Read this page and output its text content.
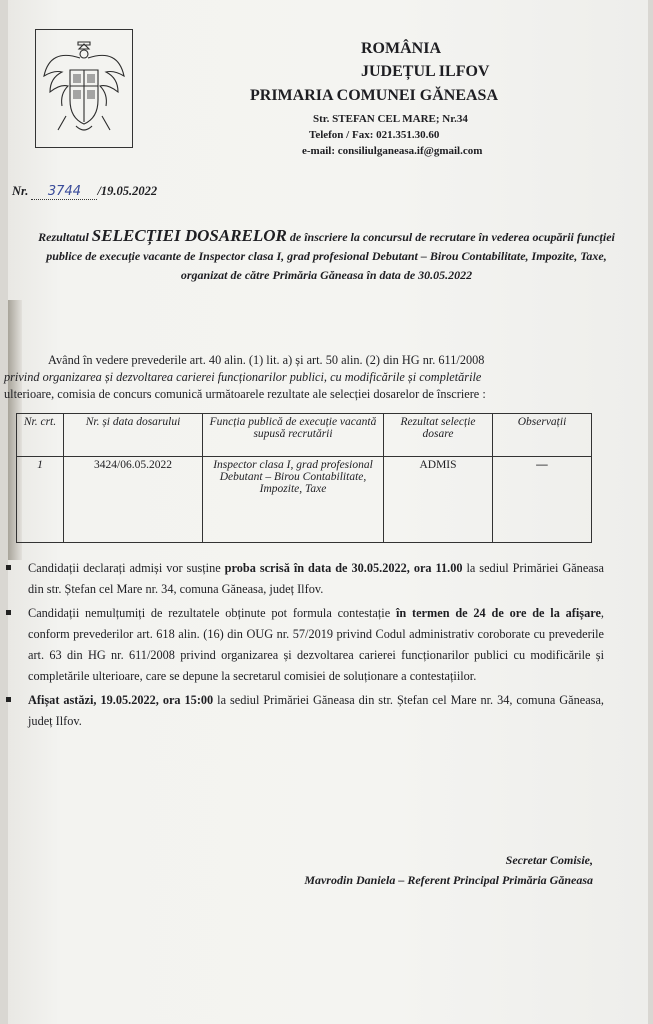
ROMÂNIA
JUDEȚUL ILFOV
PRIMARIA COMUNEI GĂNEASA
Str. STEFAN CEL MARE; Nr.34
Telefon / Fax: 021.351.30.60
e-mail: consiliulganeasa.if@gmail.com
Nr. 3744 /19.05.2022
Rezultatul SELECȚIEI DOSARELOR de înscriere la concursul de recrutare în vederea ocupării funcției publice de execuție vacante de Inspector clasa I, grad profesional Debutant – Birou Contabilitate, Impozite, Taxe, organizat de către Primăria Găneasa în data de 30.05.2022

Având în vedere prevederile art. 40 alin. (1) lit. a) și art. 50 alin. (2) din HG nr. 611/2008

privind organizarea și dezvoltarea carierei funcționarilor publici, cu modificările și completările

ulterioare, comisia de concurs comunică următoarele rezultate ale selecției dosarelor de înscriere :

Nr. crt.	Nr. și data dosarului	Funcția publică de execuție vacantă supusă recrutării	Rezultat selecție dosare	Observații
1	3424/06.05.2022	Inspector clasa I, grad profesional Debutant – Birou Contabilitate, Impozite, Taxe	ADMIS	—
Candidații declarați admiși vor susține proba scrisă în data de 30.05.2022, ora 11.00 la sediul Primăriei Găneasa din str. Ștefan cel Mare nr. 34, comuna Găneasa, județ Ilfov.
Candidații nemulțumiți de rezultatele obținute pot formula contestație în termen de 24 de ore de la afișare, conform prevederilor art. 618 alin. (16) din OUG nr. 57/2019 privind Codul administrativ coroborate cu prevederile art. 63 din HG nr. 611/2008 privind organizarea și dezvoltarea carierei funcționarilor publici cu modificările și completările ulterioare, care se depune la secretarul comisiei de soluționare a contestațiilor.
Afișat astăzi, 19.05.2022, ora 15:00 la sediul Primăriei Găneasa din str. Ștefan cel Mare nr. 34, comuna Găneasa, județ Ilfov.
Secretar Comisie,
Mavrodin Daniela – Referent Principal Primăria Găneasa
